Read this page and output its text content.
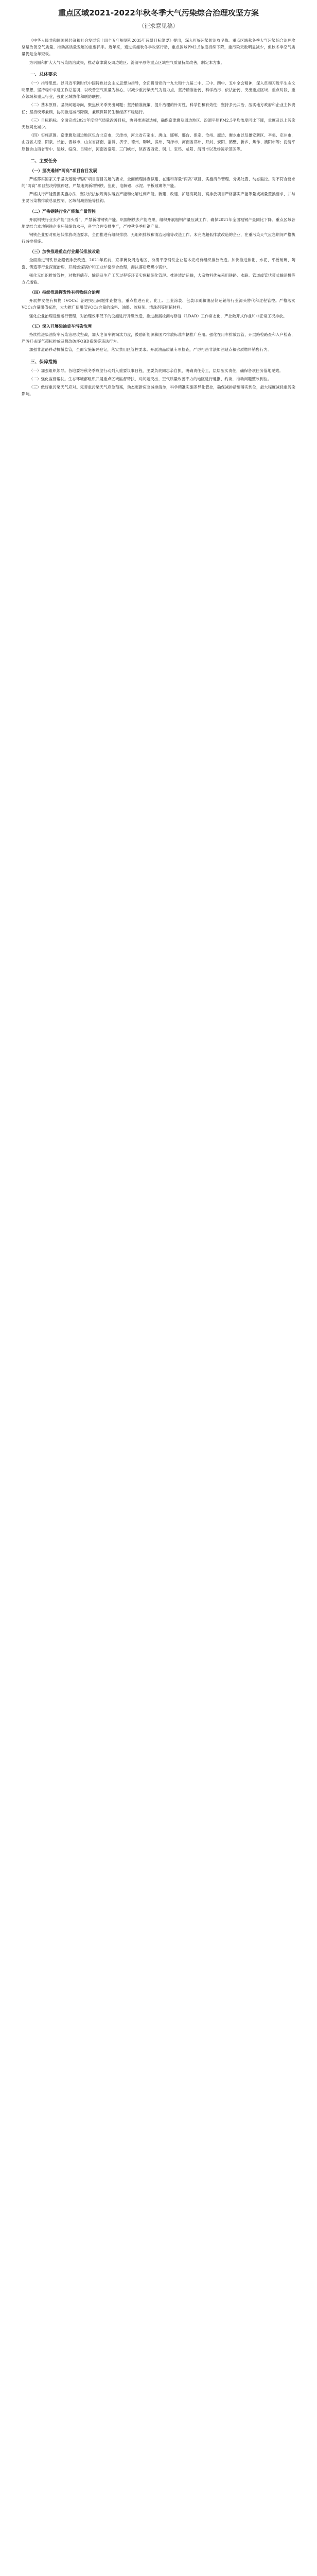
重点区域2021-2022年秋冬季大气污染综合治理攻坚方案
（征求意见稿）
《中华人民共和国国民经济和社会发展第十四个五年规划和2035年远景目标纲要》提出，深入打好污染防治攻坚战。重点区域秋冬季大气污染综合治理攻坚是改善空气质量、推动高质量发展的重要抓手。近年来，通过实施秋冬季攻坚行动，重点区域PM2.5浓度持续下降，重污染天数明显减少，但秋冬季空气质量仍是全年短板。
为巩固和扩大大气污染防治成果，推动京津冀及周边地区、汾渭平原等重点区域空气质量持续改善，制定本方案。
一、总体要求
（一）指导思想。以习近平新时代中国特色社会主义思想为指导，全面贯彻党的十九大和十九届二中、三中、四中、五中全会精神，深入贯彻习近平生态文明思想，坚持稳中求进工作总基调，以改善空气质量为核心，以减少重污染天气为着力点，坚持精准治污、科学治污、依法治污，突出重点区域、重点时段、重点领域和重点行业，强化区域协作和联防联控。
（二）基本原则。坚持问题导向，聚焦秋冬季突出问题；坚持精准施策，提升治理的针对性、科学性和有效性；坚持多元共治，压实地方政府和企业主体责任；坚持统筹兼顾，协同推进减污降碳，兼顾保障民生和经济平稳运行。
（三）目标指标。全面完成2021年度空气质量改善目标，协同推进碳达峰，确保京津冀及周边地区、汾渭平原PM2.5平均浓度同比下降，重度及以上污染天数同比减少。
（四）实施范围。京津冀及周边地区包含北京市，天津市，河北省石家庄、唐山、邯郸、邢台、保定、沧州、廊坊、衡水市以及雄安新区、辛集、定州市，山西省太原、阳泉、长治、晋城市，山东省济南、淄博、济宁、德州、聊城、滨州、菏泽市，河南省郑州、开封、安阳、鹤壁、新乡、焦作、濮阳市等；汾渭平原包含山西省晋中、运城、临汾、吕梁市，河南省洛阳、三门峡市，陕西省西安、铜川、宝鸡、咸阳、渭南市以及杨凌示范区等。
二、主要任务
（一）坚决遏制“两高”项目盲目发展
严格落实国家关于坚决遏制“两高”项目盲目发展的要求，全面梳理排查拟建、在建和存量“两高”项目，实施清单管理、分类处置、动态监控。对不符合要求的“两高”项目坚决停批停建，严禁违规新增钢铁、焦化、电解铝、水泥、平板玻璃等产能。
严格执行产能置换实施办法，坚决依法依规淘汰落后产能和化解过剩产能。新建、改建、扩建高耗能、高排放项目严格落实产能等量或减量置换要求，并与主要污染物排放总量控制、区域削减措施等挂钩。
（二）严格钢铁行业产能和产量管控
开展钢铁行业去产能“回头看”，严禁新增钢铁产能。巩固钢铁去产能成果，组织开展粗钢产量压减工作，确保2021年全国粗钢产量同比下降。重点区域各地要结合本地钢铁企业环保绩效水平，科学合理安排生产，严控秋冬季粗钢产量。
钢铁企业要对照超低排放改造要求，全面推进有组织排放、无组织排放和清洁运输等改造工作。未完成超低排放改造的企业，在重污染天气应急期间严格执行减排措施。
（三）加快推进重点行业超低排放改造
全面推进钢铁行业超低排放改造，2021年底前，京津冀及周边地区、汾渭平原钢铁企业基本完成有组织排放改造。加快推进焦化、水泥、平板玻璃、陶瓷、铸造等行业深度治理，开展燃煤锅炉和工业炉窑综合治理，淘汰落后燃煤小锅炉。
强化无组织排放管控，对物料储存、输送及生产工艺过程等环节实施精细化管理。推进清洁运输，大宗物料优先采用铁路、水路、管道或管状带式输送机等方式运输。
（四）持续推进挥发性有机物综合治理
开展挥发性有机物（VOCs）治理突出问题排查整治，重点推进石化、化工、工业涂装、包装印刷和油品储运销等行业源头替代和过程管控。严格落实VOCs含量限值标准，大力推广使用低VOCs含量的涂料、油墨、胶粘剂、清洗剂等原辅材料。
强化企业治理设施运行管理，对治理效率低下的设施进行升级改造，推进泄漏检测与修复（LDAR）工作常态化，严控敞开式作业和非正常工况排放。
（五）深入开展柴油货车污染治理
持续推进柴油货车污染治理攻坚战，加大老旧车辆淘汰力度，鼓励新能源和国六排放标准车辆推广应用。强化在用车排放监管，开展路检路查和入户检查，严厉打击尾气超标排放及篡改破坏OBD系统等违法行为。
加强非道路移动机械监管，全面实施编码登记，落实禁用区管控要求。开展油品质量专项检查，严厉打击非法加油站点和劣质燃料销售行为。
三、保障措施
（一）加强组织领导。各地要将秋冬季攻坚行动列入重要议事日程，主要负责同志亲自抓，明确责任分工，层层压实责任，确保各项任务落地见效。
（二）强化监督帮扶。生态环境部组织开展重点区域监督帮扶，对问题突出、空气质量改善不力的地区进行通报、约谈，推动问题整改到位。
（三）做好重污染天气应对。完善重污染天气应急预案，动态更新应急减排清单，科学精准实施差异化管控，确保减排措施落实到位，最大程度减轻重污染影响。
